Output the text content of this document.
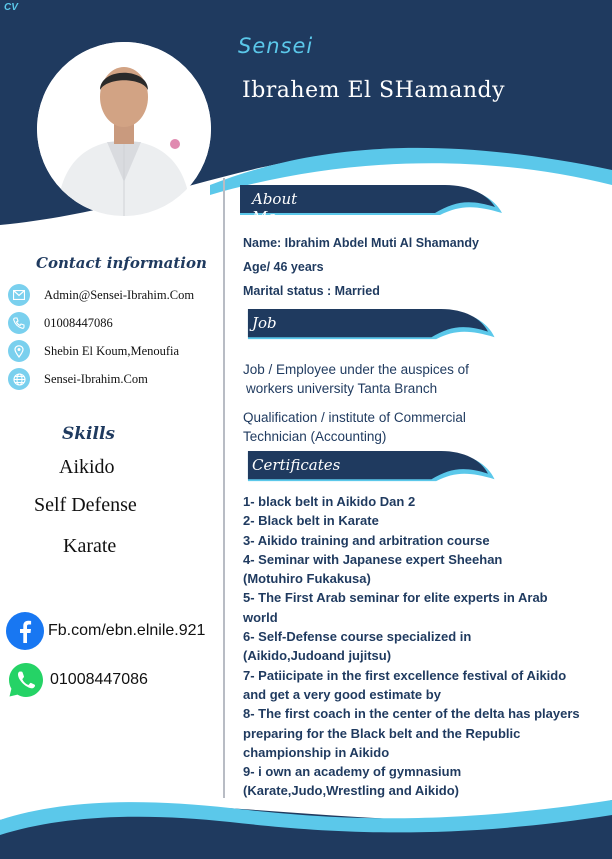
CV
Sensei
Ibrahem El SHamandy
Contact information
Admin@Sensei-Ibrahim.Com
01008447086
Shebin El Koum,Menoufia
Sensei-Ibrahim.Com
Skills
Aikido
Self Defense
Karate
Fb.com/ebn.elnile.921
01008447086
About Me
Name: Ibrahim Abdel Muti Al Shamandy
Age/ 46 years
Marital status : Married
Job
Job / Employee under the auspices of
workers university Tanta Branch
Qualification / institute of Commercial
Technician (Accounting)
Certificates
1- black belt in Aikido Dan 2
2- Black belt in Karate
3- Aikido training and arbitration course
4- Seminar with Japanese expert Sheehan
(Motuhiro Fukakusa)
5- The First Arab seminar for elite experts in Arab
world
6- Self-Defense course specialized in
(Aikido,Judoand jujitsu)
7- Patiicipate in the first excellence festival of Aikido
and get a very good estimate by
8- The first coach in the center of the delta has players
preparing for the Black belt and the Republic
championship in Aikido
9- i own an academy of gymnasium
(Karate,Judo,Wrestling and Aikido)
